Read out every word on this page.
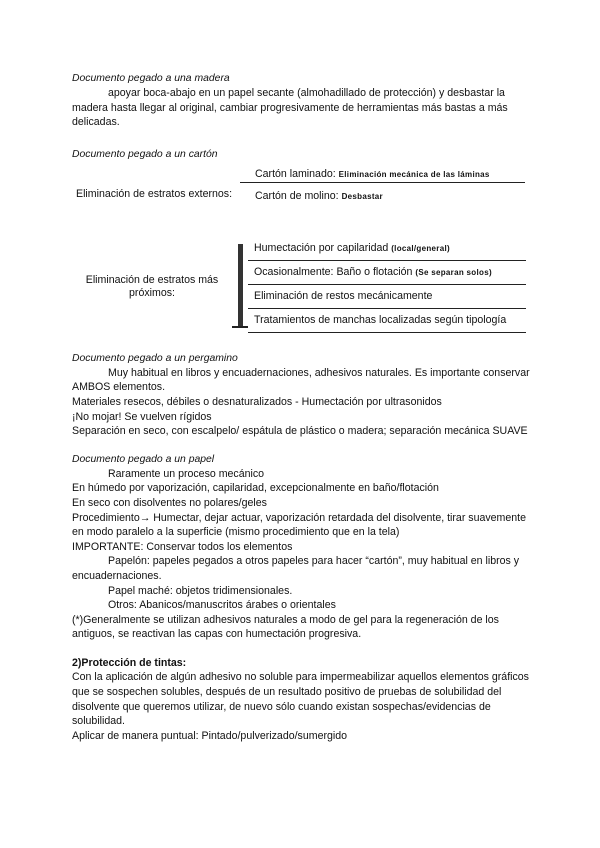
Documento pegado a una madera

apoyar boca-abajo en un papel secante (almohadillado de protección) y desbastar la madera hasta llegar al original, cambiar progresivamente de herramientas más bastas a más delicadas.

Documento pegado a un cartón

Eliminación de estratos externos:
Cartón laminado: Eliminación mecánica de las láminas
Cartón de molino: Desbastar
Eliminación de estratos más próximos:
Humectación por capilaridad (local/general)
Ocasionalmente: Baño o flotación (Se separan solos)
Eliminación de restos mecánicamente
Tratamientos de manchas localizadas según tipología

Documento pegado a un pergamino

Muy habitual en libros y encuadernaciones, adhesivos naturales. Es importante conservar AMBOS elementos.

Materiales resecos, débiles o desnaturalizados - Humectación por ultrasonidos

¡No mojar! Se vuelven rígidos

Separación en seco, con escalpelo/ espátula de plástico o madera; separación mecánica SUAVE

Documento pegado a un papel

Raramente un proceso mecánico

En húmedo por vaporización, capilaridad, excepcionalmente en baño/flotación

En seco con disolventes no polares/geles

Procedimiento→ Humectar, dejar actuar, vaporización retardada del disolvente, tirar suavemente en modo paralelo a la superficie (mismo procedimiento que en la tela)

IMPORTANTE: Conservar todos los elementos

Papelón: papeles pegados a otros papeles para hacer “cartón”, muy habitual en libros y encuadernaciones.

Papel maché: objetos tridimensionales.

Otros: Abanicos/manuscritos árabes o orientales

(*)Generalmente se utilizan adhesivos naturales a modo de gel para la regeneración de los antiguos, se reactivan las capas con humectación progresiva.

2)Protección de tintas:

Con la aplicación de algún adhesivo no soluble para impermeabilizar aquellos elementos gráficos que se sospechen solubles, después de un resultado positivo de pruebas de solubilidad del disolvente que queremos utilizar, de nuevo sólo cuando existan sospechas/evidencias de solubilidad.

Aplicar de manera puntual: Pintado/pulverizado/sumergido
